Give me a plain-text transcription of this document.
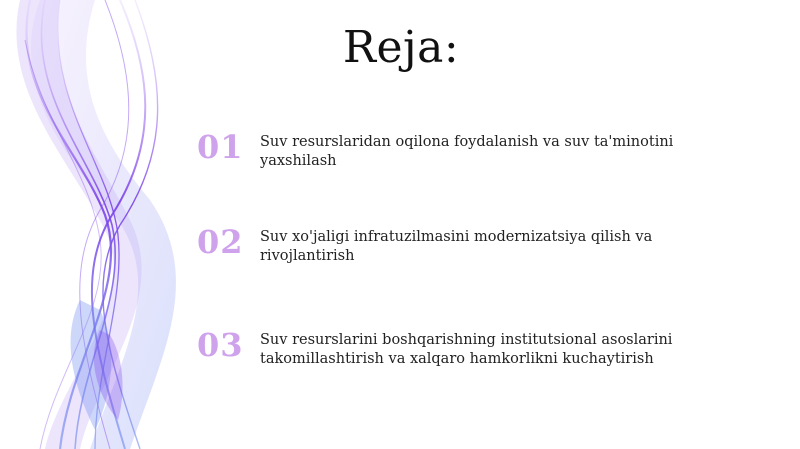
Reja:
01	Suv resurslaridan oqilona foydalanish va suv ta'minotini yaxshilash
02	Suv xo'jaligi infratuzilmasini modernizatsiya qilish va rivojlantirish
03	Suv resurslarini boshqarishning institutsional asoslarini takomillashtirish va xalqaro hamkorlikni kuchaytirish
